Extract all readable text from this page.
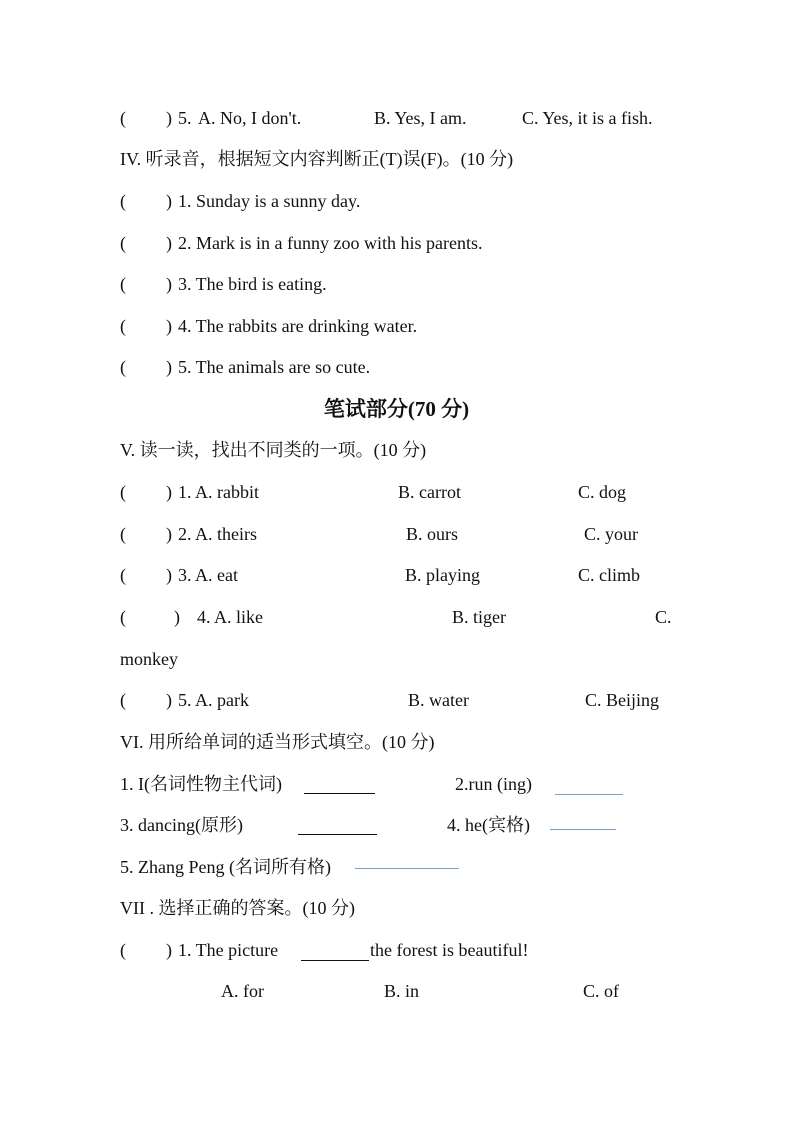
( ) 5. A. No, I don't.	B. Yes, I am.	C. Yes, it is a fish.
IV. 听录音，根据短文内容判断正(T)误(F)。(10 分)
( ) 1. Sunday is a sunny day.
( ) 2. Mark is in a funny zoo with his parents.
( ) 3. The bird is eating.
( ) 4. The rabbits are drinking water.
( ) 5. The animals are so cute.
笔试部分(70 分)
V. 读一读，找出不同类的一项。(10 分)
( ) 1. A. rabbit	B. carrot	C. dog
( ) 2. A. theirs	B. ours	C. your
( ) 3. A. eat	B. playing	C. climb
(	) 4. A. like	B. tiger	C.
monkey
( ) 5. A. park	B. water	C. Beijing
VI. 用所给单词的适当形式填空。(10 分)
1. I(名词性物主代词)	2.run (ing)
3. dancing(原形)	4. he(宾格)
5. Zhang Peng (名词所有格)
VII . 选择正确的答案。(10 分)
( ) 1. The picture	the forest is beautiful!
A. for	B. in	C. of
